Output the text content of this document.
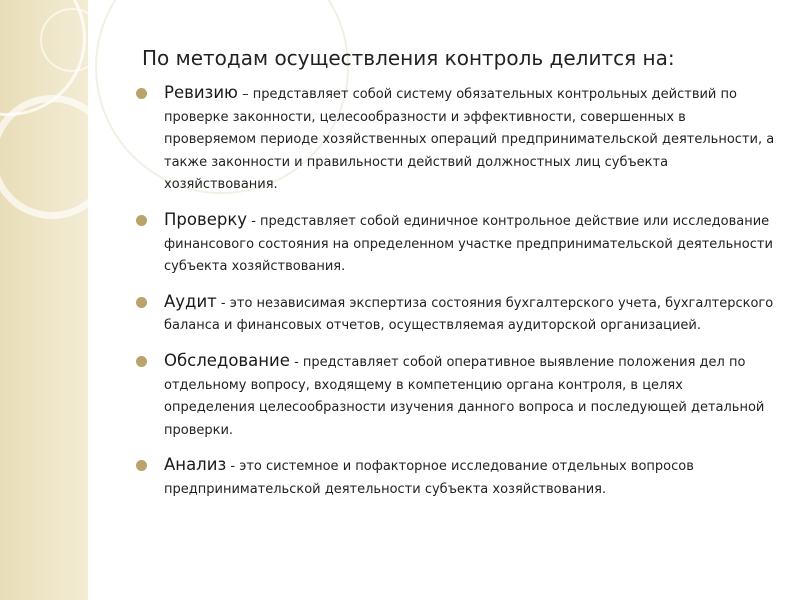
По методам осуществления контроль делится на:
Ревизию – представляет собой систему обязательных контрольных действий по проверке законности, целесообразности и эффективности, совершенных в проверяемом периоде хозяйственных операций предпринимательской деятельности, а также законности и правильности действий должностных лиц субъекта хозяйствования.
Проверку - представляет собой единичное контрольное действие или исследование финансового состояния на определенном участке предпринимательской деятельности субъекта хозяйствования.
Аудит - это независимая экспертиза состояния бухгалтерского учета, бухгалтерского баланса и финансовых отчетов, осуществляемая аудиторской организацией.
Обследование - представляет собой оперативное выявление положения дел по отдельному вопросу, входящему в компетенцию органа контроля, в целях определения целесообразности изучения данного вопроса и последующей детальной проверки.
Анализ - это системное и пофакторное исследование отдельных вопросов предпринимательской деятельности субъекта хозяйствования.
